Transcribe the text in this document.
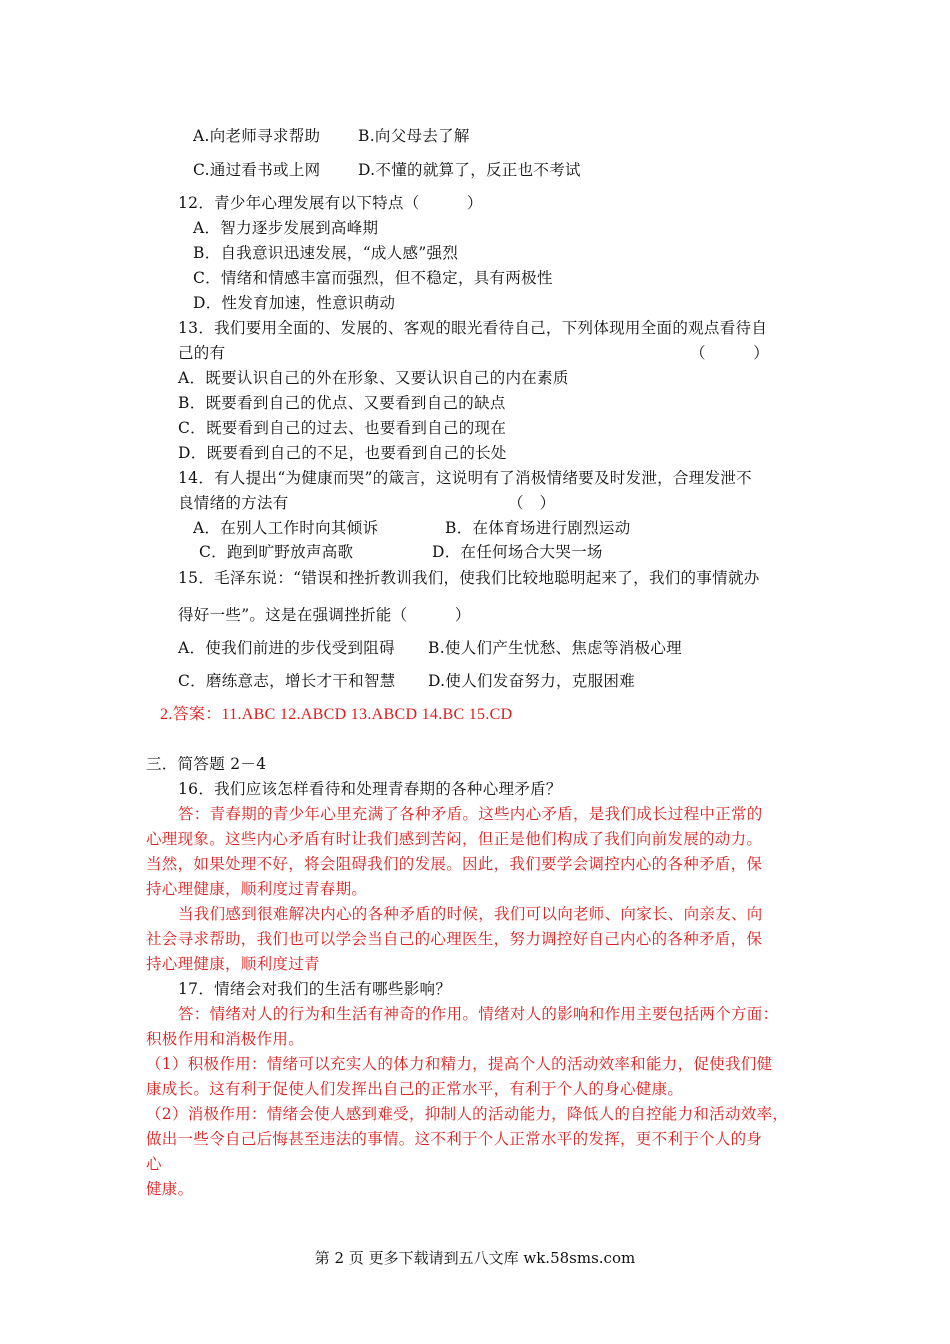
A.向老师寻求帮助 B.向父母去了解
C.通过看书或上网 D.不懂的就算了，反正也不考试
12．青少年心理发展有以下特点（　　　）
A．智力逐步发展到高峰期
B．自我意识迅速发展，“成人感”强烈
C．情绪和情感丰富而强烈，但不稳定，具有两极性
D．性发育加速，性意识萌动
13．我们要用全面的、发展的、客观的眼光看待自己，下列体现用全面的观点看待自
己的有	（　　　）
A．既要认识自己的外在形象、又要认识自己的内在素质
B．既要看到自己的优点、又要看到自己的缺点
C．既要看到自己的过去、也要看到自己的现在
D．既要看到自己的不足，也要看到自己的长处
14．有人提出“为健康而哭”的箴言，这说明有了消极情绪要及时发泄，合理发泄不
良情绪的方法有	（　）
A．在别人工作时向其倾诉	B．在体育场进行剧烈运动
C．跑到旷野放声高歌	D．在任何场合大哭一场
15．毛泽东说：“错误和挫折教训我们，使我们比较地聪明起来了，我们的事情就办
得好一些”。这是在强调挫折能（　　　）
A．使我们前进的步伐受到阻碍 B.使人们产生忧愁、焦虑等消极心理
C．磨练意志，增长才干和智慧 D.使人们发奋努力，克服困难
2.答案：11.ABC 12.ABCD 13.ABCD 14.BC 15.CD
三．简答题 2－4
16．我们应该怎样看待和处理青春期的各种心理矛盾？
答：青春期的青少年心里充满了各种矛盾。这些内心矛盾，是我们成长过程中正常的
心理现象。这些内心矛盾有时让我们感到苦闷，但正是他们构成了我们向前发展的动力。
当然，如果处理不好，将会阻碍我们的发展。因此，我们要学会调控内心的各种矛盾，保
持心理健康，顺利度过青春期。
当我们感到很难解决内心的各种矛盾的时候，我们可以向老师、向家长、向亲友、向
社会寻求帮助，我们也可以学会当自己的心理医生，努力调控好自己内心的各种矛盾，保
持心理健康，顺利度过青
17．情绪会对我们的生活有哪些影响？
答：情绪对人的行为和生活有神奇的作用。情绪对人的影响和作用主要包括两个方面：
积极作用和消极作用。
（1）积极作用：情绪可以充实人的体力和精力，提高个人的活动效率和能力，促使我们健
康成长。这有利于促使人们发挥出自己的正常水平，有利于个人的身心健康。
（2）消极作用：情绪会使人感到难受，抑制人的活动能力，降低人的自控能力和活动效率，
做出一些令自己后悔甚至违法的事情。这不利于个人正常水平的发挥，更不利于个人的身
心
健康。
第 2 页 更多下载请到五八文库 wk.58sms.com
